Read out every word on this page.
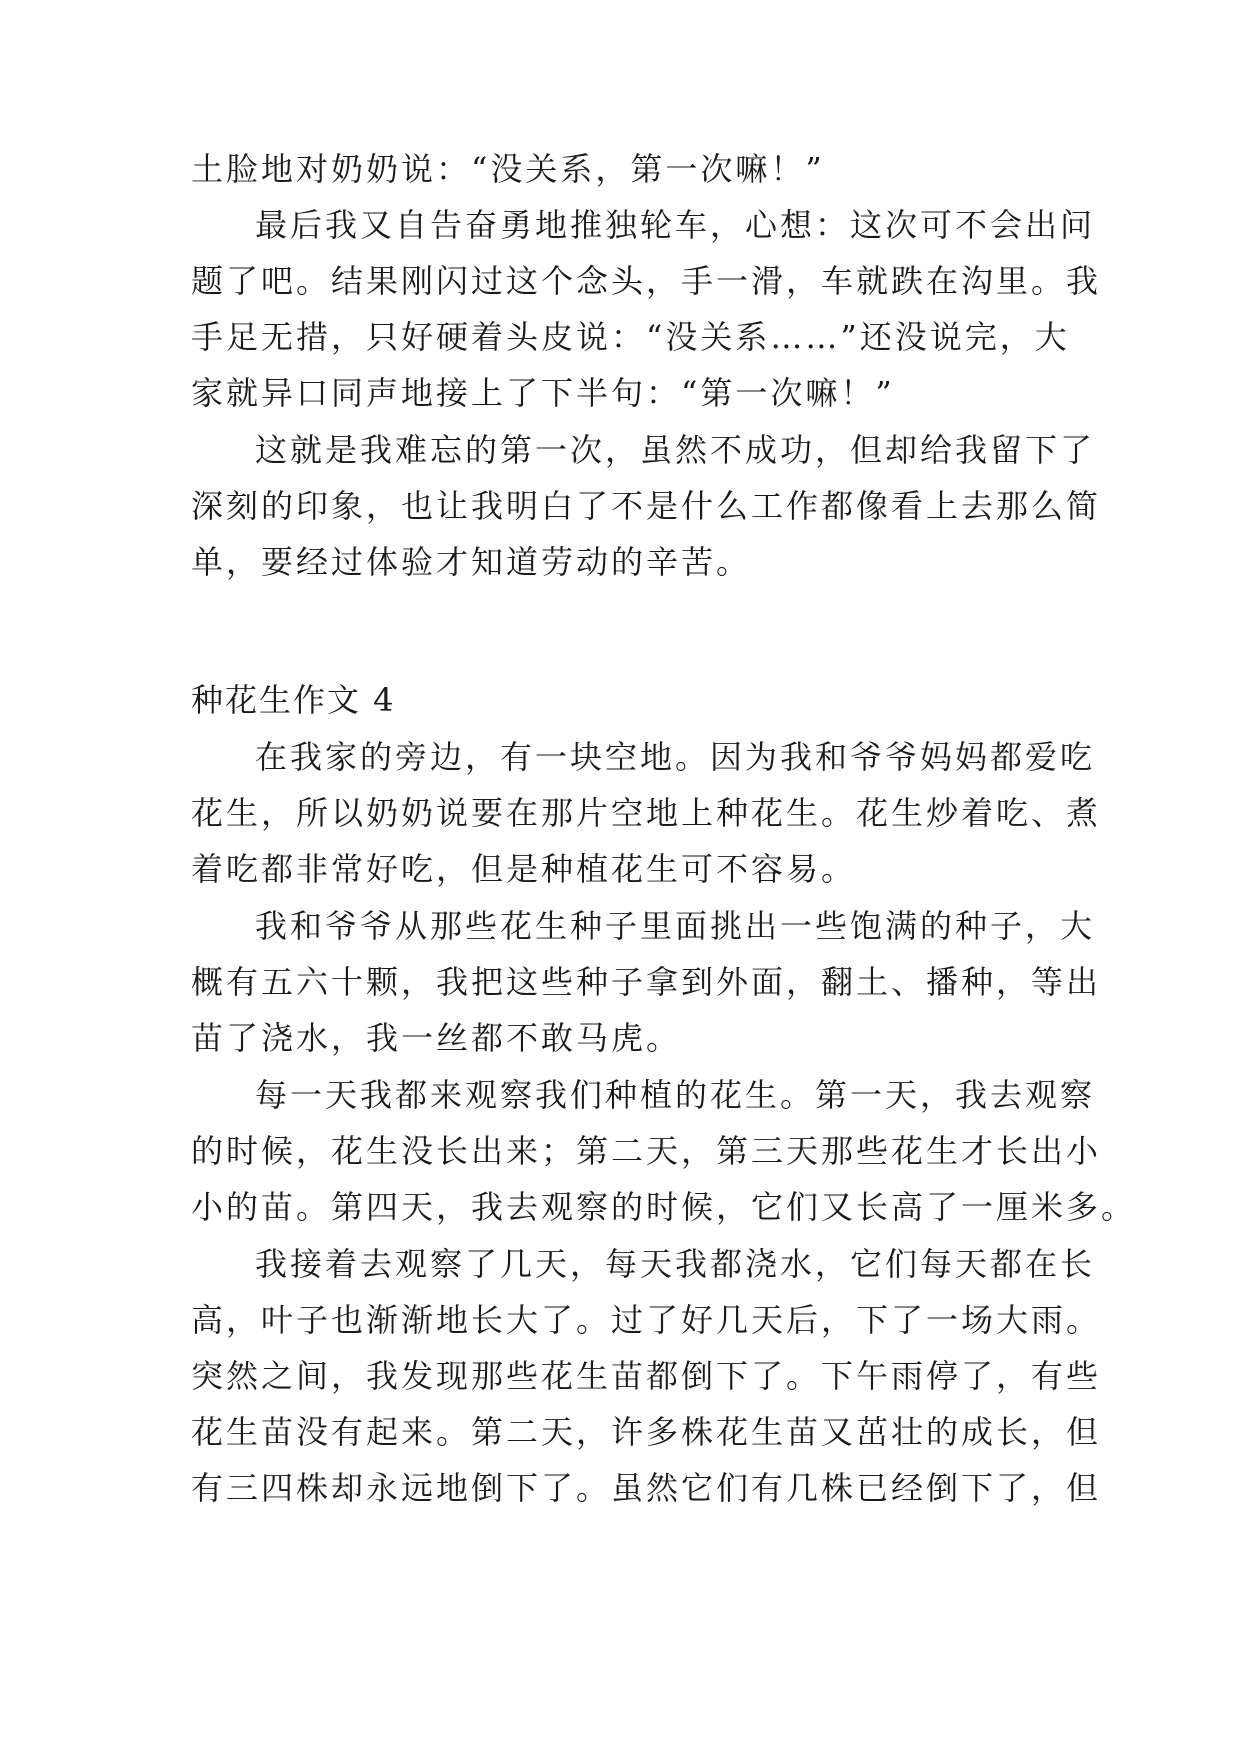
土脸地对奶奶说：“没关系，第一次嘛！”
最后我又自告奋勇地推独轮车，心想：这次可不会出问
题了吧。结果刚闪过这个念头，手一滑，车就跌在沟里。我
手足无措，只好硬着头皮说：“没关系……”还没说完，大
家就异口同声地接上了下半句：“第一次嘛！”
这就是我难忘的第一次，虽然不成功，但却给我留下了
深刻的印象，也让我明白了不是什么工作都像看上去那么简
单，要经过体验才知道劳动的辛苦。
种花生作文 4
在我家的旁边，有一块空地。因为我和爷爷妈妈都爱吃
花生，所以奶奶说要在那片空地上种花生。花生炒着吃、煮
着吃都非常好吃，但是种植花生可不容易。
我和爷爷从那些花生种子里面挑出一些饱满的种子，大
概有五六十颗，我把这些种子拿到外面，翻土、播种，等出
苗了浇水，我一丝都不敢马虎。
每一天我都来观察我们种植的花生。第一天，我去观察
的时候，花生没长出来；第二天，第三天那些花生才长出小
小的苗。第四天，我去观察的时候，它们又长高了一厘米多。
我接着去观察了几天，每天我都浇水，它们每天都在长
高，叶子也渐渐地长大了。过了好几天后，下了一场大雨。
突然之间，我发现那些花生苗都倒下了。下午雨停了，有些
花生苗没有起来。第二天，许多株花生苗又茁壮的成长，但
有三四株却永远地倒下了。虽然它们有几株已经倒下了，但
